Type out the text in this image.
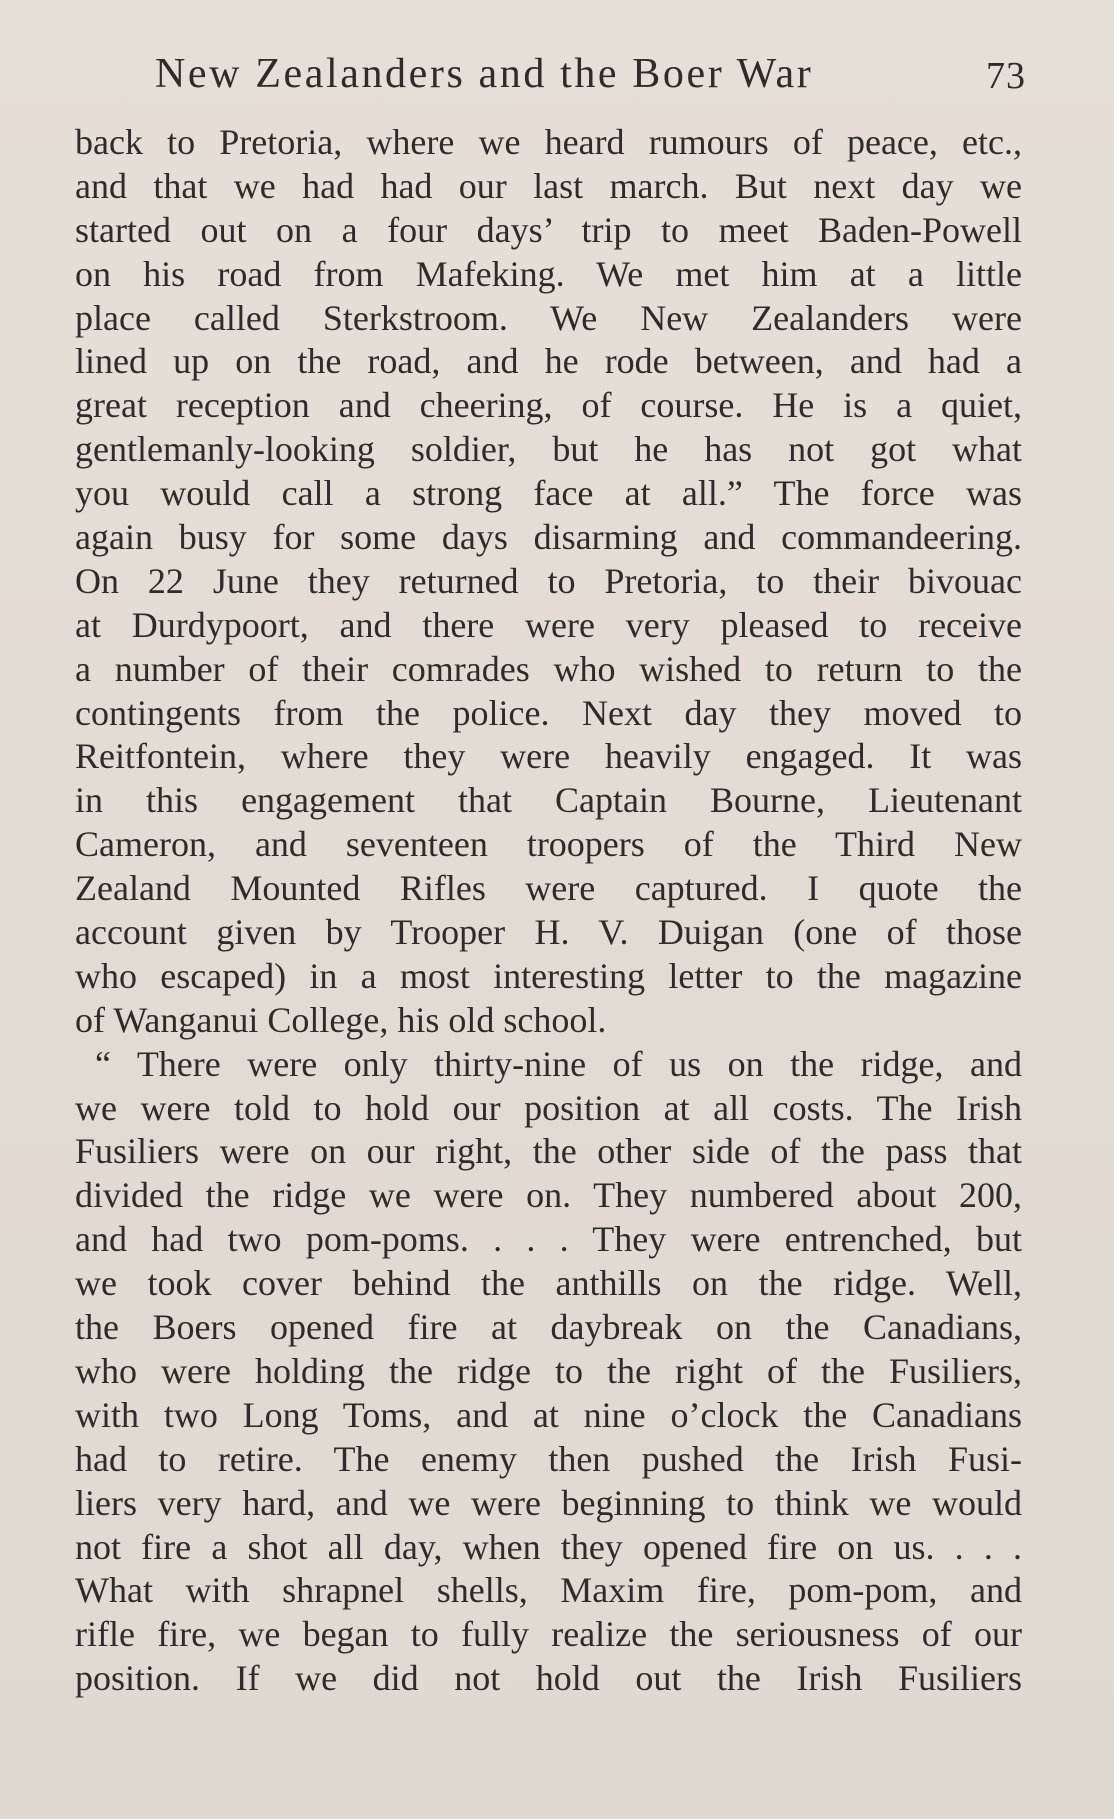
New Zealanders and the Boer War	73
back to Pretoria, where we heard rumours of peace, etc.,
and that we had had our last march. But next day we
started out on a four days’ trip to meet Baden-Powell
on his road from Mafeking. We met him at a little
place called Sterkstroom. We New Zealanders were
lined up on the road, and he rode between, and had a
great reception and cheering, of course. He is a quiet,
gentlemanly-looking soldier, but he has not got what
you would call a strong face at all.” The force was
again busy for some days disarming and commandeering.
On 22 June they returned to Pretoria, to their bivouac
at Durdypoort, and there were very pleased to receive
a number of their comrades who wished to return to the
contingents from the police. Next day they moved to
Reitfontein, where they were heavily engaged. It was
in this engagement that Captain Bourne, Lieutenant
Cameron, and seventeen troopers of the Third New
Zealand Mounted Rifles were captured. I quote the
account given by Trooper H. V. Duigan (one of those
who escaped) in a most interesting letter to the magazine
of Wanganui College, his old school.
“ There were only thirty-nine of us on the ridge, and
we were told to hold our position at all costs. The Irish
Fusiliers were on our right, the other side of the pass that
divided the ridge we were on. They numbered about 200,
and had two pom-poms. . . . They were entrenched, but
we took cover behind the anthills on the ridge. Well,
the Boers opened fire at daybreak on the Canadians,
who were holding the ridge to the right of the Fusiliers,
with two Long Toms, and at nine o’clock the Canadians
had to retire. The enemy then pushed the Irish Fusi-
liers very hard, and we were beginning to think we would
not fire a shot all day, when they opened fire on us. . . .
What with shrapnel shells, Maxim fire, pom-pom, and
rifle fire, we began to fully realize the seriousness of our
position. If we did not hold out the Irish Fusiliers
